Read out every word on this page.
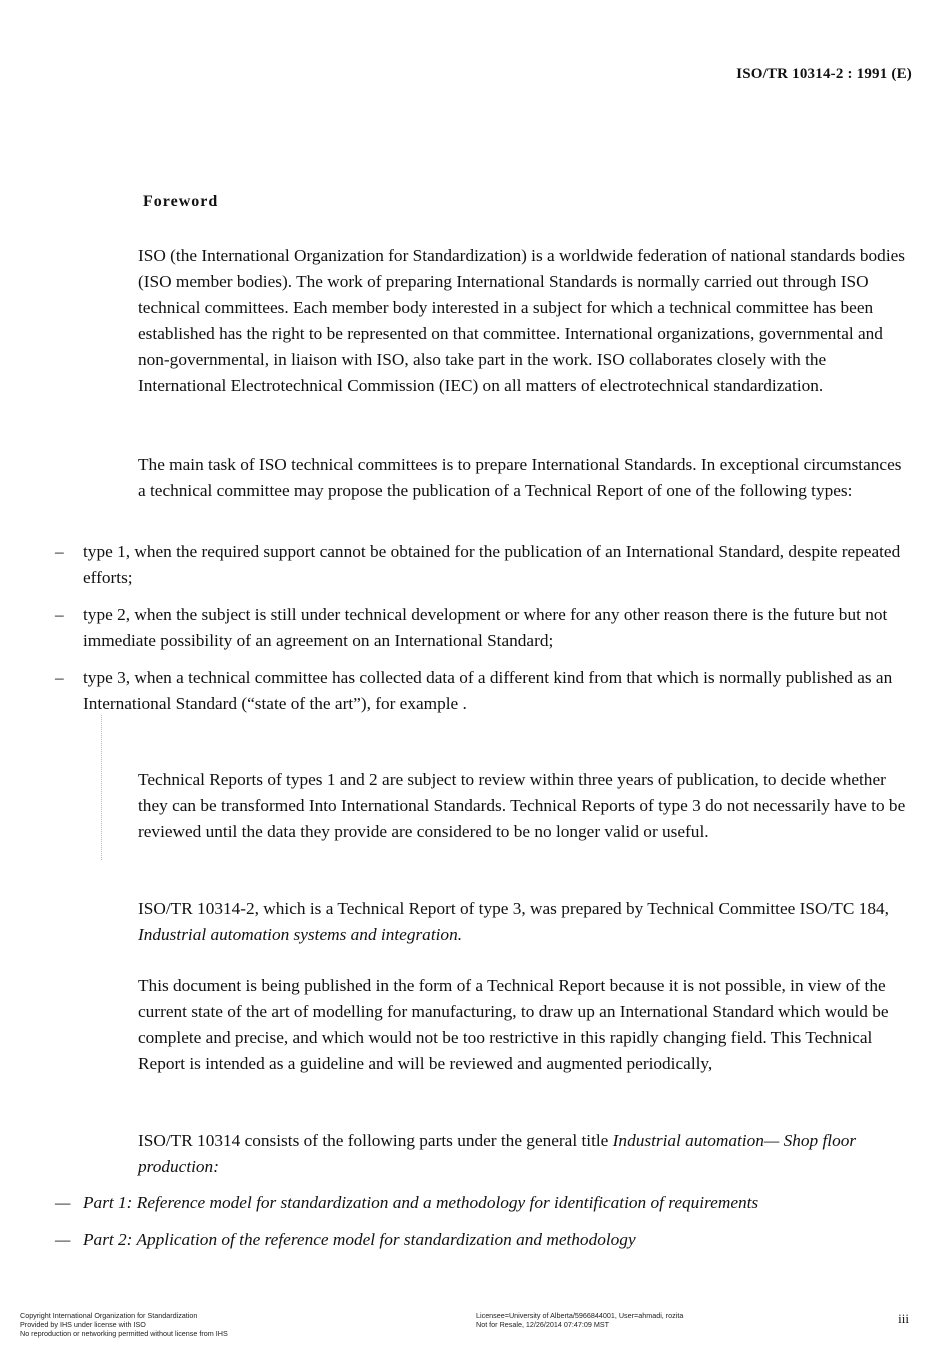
ISO/TR 10314-2 : 1991 (E)
Foreword

ISO (the International Organization for Standardization) is a worldwide federation of national standards bodies (ISO member bodies). The work of preparing International Standards is normally carried out through ISO technical committees. Each member body interested in a subject for which a technical committee has been established has the right to be represented on that committee. International organizations, governmental and non-governmental, in liaison with ISO, also take part in the work. ISO collaborates closely with the International Electrotechnical Commission (IEC) on all matters of electrotechnical standardization.

The main task of ISO technical committees is to prepare International Standards. In exceptional circumstances a technical committee may propose the publication of a Technical Report of one of the following types:

– type 1, when the required support cannot be obtained for the publication of an International Standard, despite repeated efforts;
– type 2, when the subject is still under technical development or where for any other reason there is the future but not immediate possibility of an agreement on an International Standard;
– type 3, when a technical committee has collected data of a different kind from that which is normally published as an International Standard (“state of the art”), for example .

Technical Reports of types 1 and 2 are subject to review within three years of publication, to decide whether they can be transformed Into International Standards. Technical Reports of type 3 do not necessarily have to be reviewed until the data they provide are considered to be no longer valid or useful.

ISO/TR 10314-2, which is a Technical Report of type 3, was prepared by Technical Committee ISO/TC 184, Industrial automation systems and integration.

This document is being published in the form of a Technical Report because it is not possible, in view of the current state of the art of modelling for manufacturing, to draw up an International Standard which would be complete and precise, and which would not be too restrictive in this rapidly changing field. This Technical Report is intended as a guideline and will be reviewed and augmented periodically,

ISO/TR 10314 consists of the following parts under the general title Industrial automation— Shop floor production:

— Part 1: Reference model for standardization and a methodology for identification of requirements
— Part 2: Application of the reference model for standardization and methodology
Copyright International Organization for Standardization
Provided by IHS under license with ISO
No reproduction or networking permitted without license from IHS
Licensee=University of Alberta/5966844001, User=ahmadi, rozita
Not for Resale, 12/26/2014 07:47:09 MST	iii
